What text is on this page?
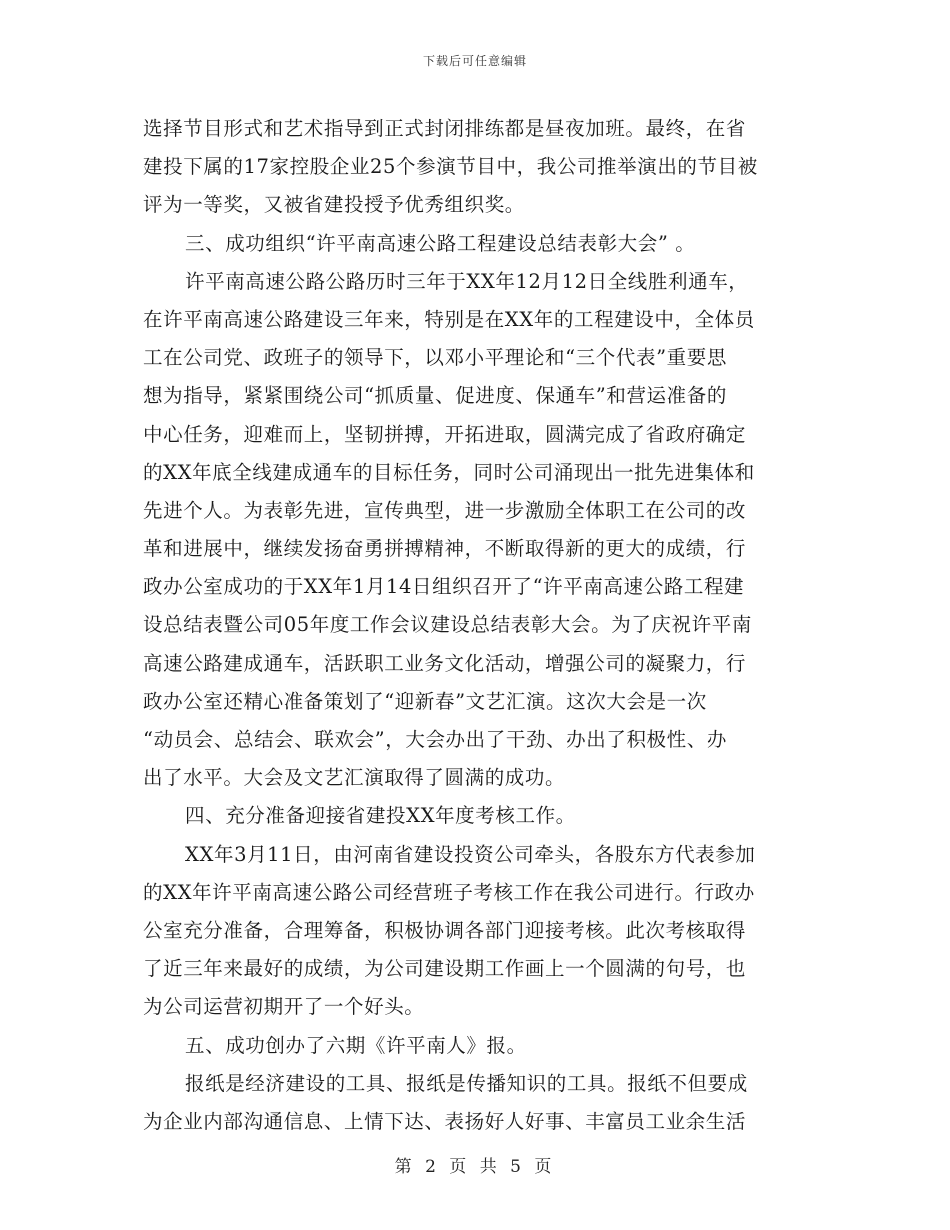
下载后可任意编辑
选择节目形式和艺术指导到正式封闭排练都是昼夜加班。最终，在省
建投下属的17家控股企业25个参演节目中，我公司推举演出的节目被
评为一等奖，又被省建投授予优秀组织奖。
三、成功组织“许平南高速公路工程建设总结表彰大会” 。
许平南高速公路公路历时三年于XX年12月12日全线胜利通车，
在许平南高速公路建设三年来，特别是在XX年的工程建设中，全体员
工在公司党、政班子的领导下，以邓小平理论和“三个代表”重要思
想为指导，紧紧围绕公司“抓质量、促进度、保通车”和营运准备的
中心任务，迎难而上，坚韧拼搏，开拓进取，圆满完成了省政府确定
的XX年底全线建成通车的目标任务，同时公司涌现出一批先进集体和
先进个人。为表彰先进，宣传典型，进一步激励全体职工在公司的改
革和进展中，继续发扬奋勇拼搏精神，不断取得新的更大的成绩，行
政办公室成功的于XX年1月14日组织召开了“许平南高速公路工程建
设总结表暨公司05年度工作会议建设总结表彰大会。为了庆祝许平南
高速公路建成通车，活跃职工业务文化活动，增强公司的凝聚力，行
政办公室还精心准备策划了“迎新春”文艺汇演。这次大会是一次
“动员会、总结会、联欢会”，大会办出了干劲、办出了积极性、办
出了水平。大会及文艺汇演取得了圆满的成功。
四、充分准备迎接省建投XX年度考核工作。
XX年3月11日，由河南省建设投资公司牵头，各股东方代表参加
的XX年许平南高速公路公司经营班子考核工作在我公司进行。行政办
公室充分准备，合理筹备，积极协调各部门迎接考核。此次考核取得
了近三年来最好的成绩，为公司建设期工作画上一个圆满的句号，也
为公司运营初期开了一个好头。
五、成功创办了六期《许平南人》报。
报纸是经济建设的工具、报纸是传播知识的工具。报纸不但要成
为企业内部沟通信息、上情下达、表扬好人好事、丰富员工业余生活
第 2 页 共 5 页
